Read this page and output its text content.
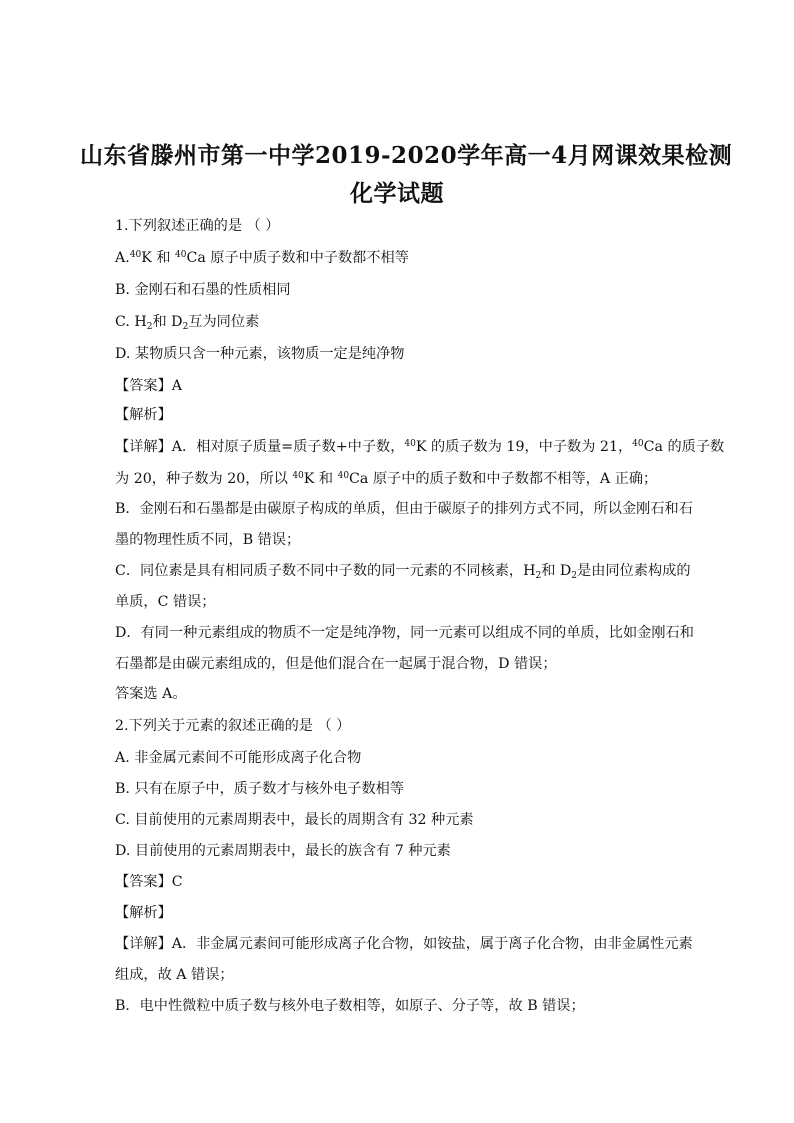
山东省滕州市第一中学2019-2020学年高一4月网课效果检测
化学试题
1.下列叙述正确的是 （ ）
A.$^{40}$K 和 $^{40}$Ca 原子中质子数和中子数都不相等
B. 金刚石和石墨的性质相同
C. $H_2$和 $D_2$互为同位素
D. 某物质只含一种元素，该物质一定是纯净物
【答案】A
【解析】
【详解】A．相对原子质量=质子数+中子数，$^{40}$K 的质子数为 19，中子数为 21，$^{40}$Ca 的质子数
为 20，种子数为 20，所以 $^{40}$K 和 $^{40}$Ca 原子中的质子数和中子数都不相等，A 正确；
B．金刚石和石墨都是由碳原子构成的单质，但由于碳原子的排列方式不同，所以金刚石和石
墨的物理性质不同，B 错误；
C．同位素是具有相同质子数不同中子数的同一元素的不同核素，$H_2$和 $D_2$是由同位素构成的
单质，C 错误；
D．有同一种元素组成的物质不一定是纯净物，同一元素可以组成不同的单质，比如金刚石和
石墨都是由碳元素组成的，但是他们混合在一起属于混合物，D 错误；
答案选 A。
2.下列关于元素的叙述正确的是 （ ）
A. 非金属元素间不可能形成离子化合物
B. 只有在原子中，质子数才与核外电子数相等
C. 目前使用的元素周期表中，最长的周期含有 32 种元素
D. 目前使用的元素周期表中，最长的族含有 7 种元素
【答案】C
【解析】
【详解】A．非金属元素间可能形成离子化合物，如铵盐，属于离子化合物，由非金属性元素
组成，故 A 错误；
B．电中性微粒中质子数与核外电子数相等，如原子、分子等，故 B 错误；
